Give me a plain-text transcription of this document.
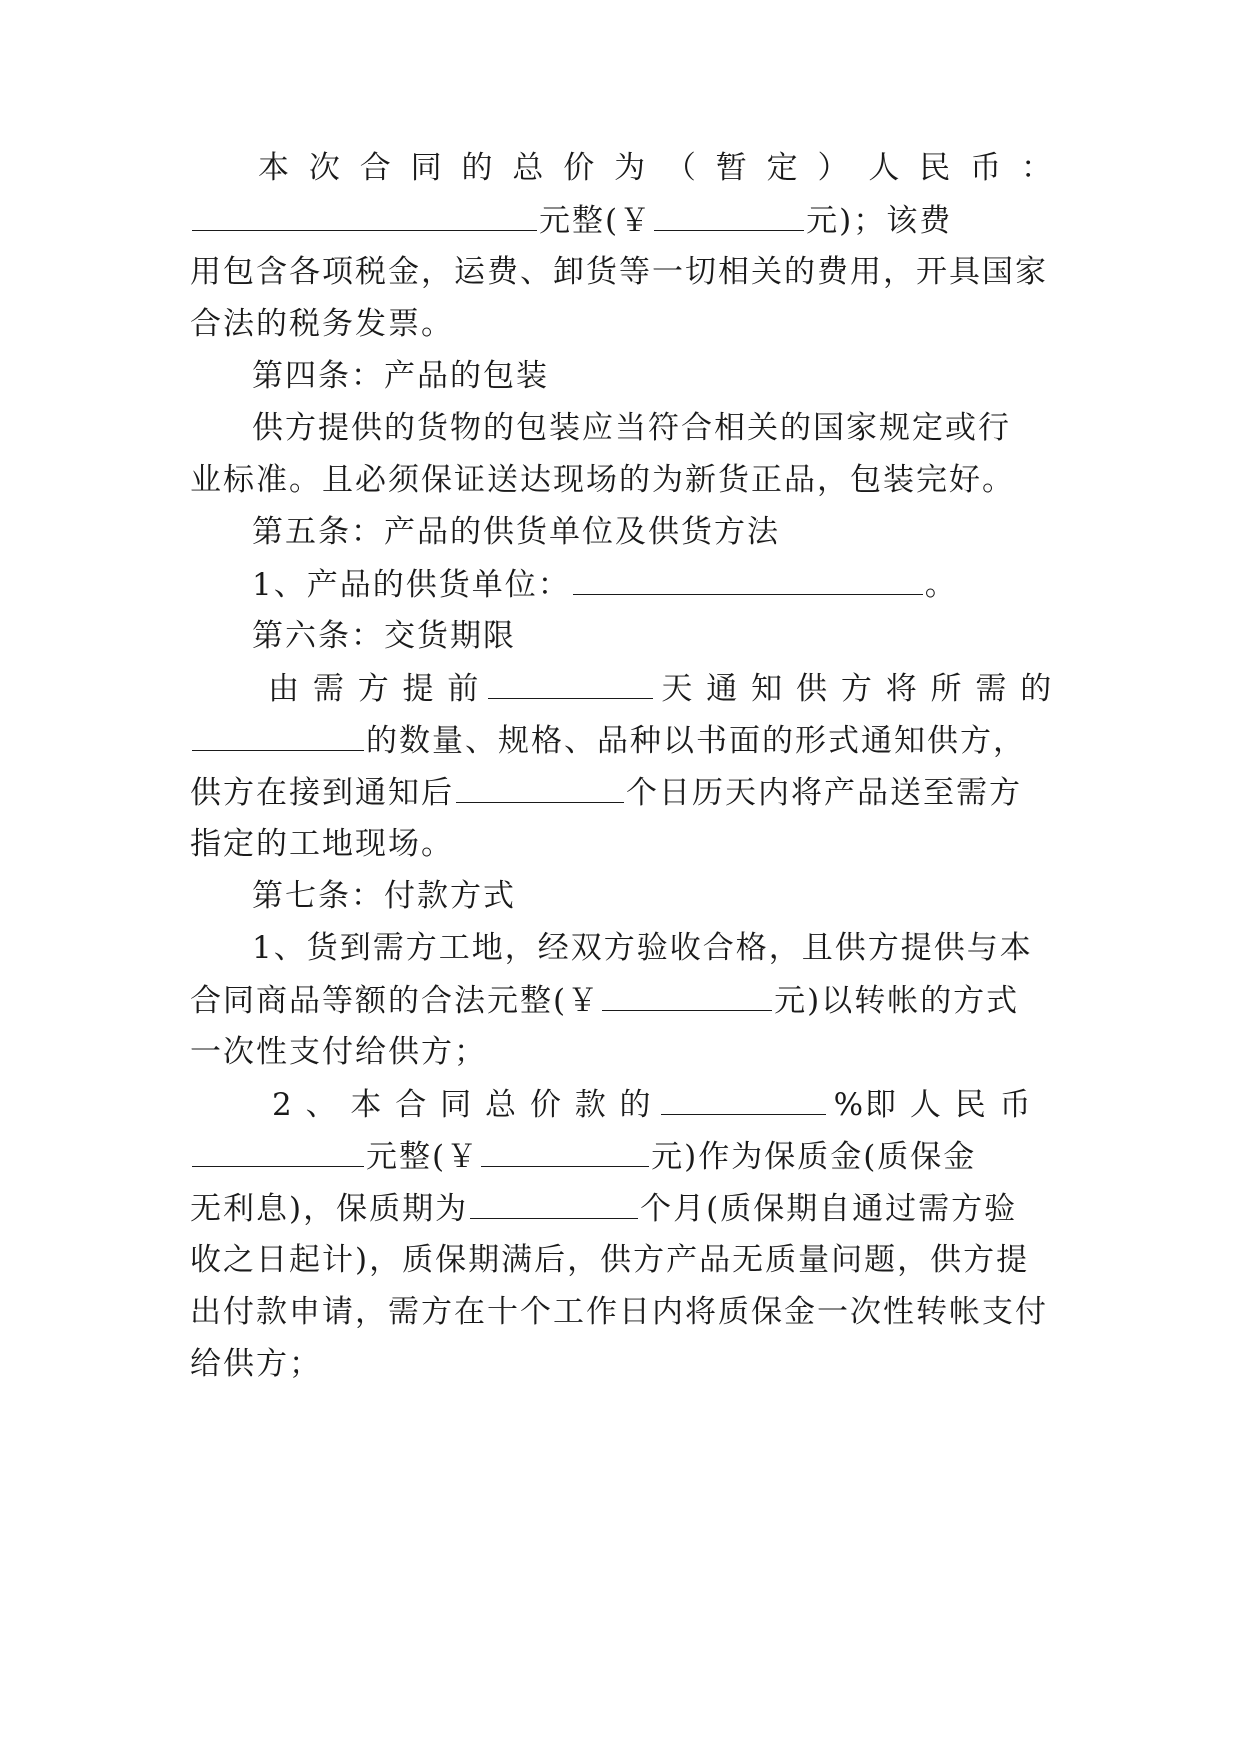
本 次 合 同 的 总 价 为 （ 暂 定 ） 人 民 币 ：
元整(￥	元)；该费
用包含各项税金，运费、卸货等一切相关的费用，开具国家
合法的税务发票。
第四条：产品的包装
供方提供的货物的包装应当符合相关的国家规定或行
业标准。且必须保证送达现场的为新货正品，包装完好。
第五条：产品的供货单位及供货方法
1、产品的供货单位：	。
第六条：交货期限
由 需 方 提 前	天 通 知 供 方 将 所 需 的
的数量、规格、品种以书面的形式通知供方，
供方在接到通知后	个日历天内将产品送至需方
指定的工地现场。
第七条：付款方式
1、货到需方工地，经双方验收合格，且供方提供与本
合同商品等额的合法元整(￥	元)以转帐的方式
一次性支付给供方；
2 、 本 合 同 总 价 款 的	%即 人 民 币
元整(￥	元)作为保质金(质保金
无利息)，保质期为	个月(质保期自通过需方验
收之日起计)，质保期满后，供方产品无质量问题，供方提
出付款申请，需方在十个工作日内将质保金一次性转帐支付
给供方；
